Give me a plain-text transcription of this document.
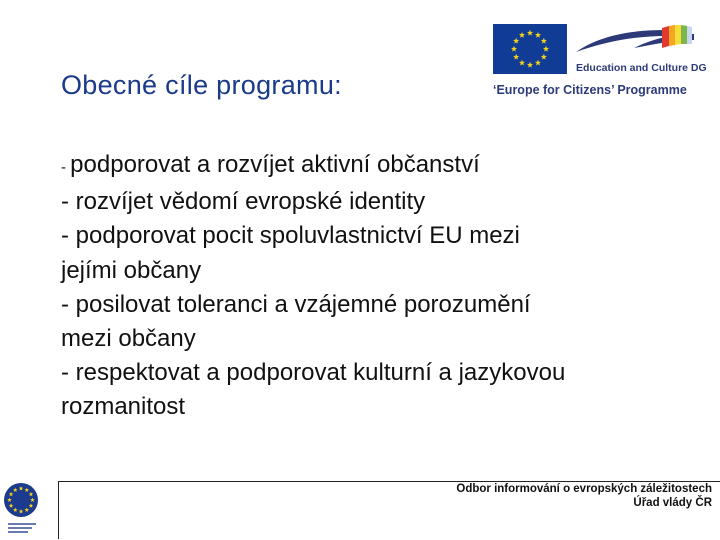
Obecné cíle programu:
Education and Culture DG
‘Europe for Citizens’ Programme
- podporovat a rozvíjet aktivní občanství
- rozvíjet vědomí evropské identity
- podporovat pocit spoluvlastnictví EU mezi
jejími občany
- posilovat toleranci a vzájemné porozumění
mezi občany
- respektovat a podporovat kulturní a jazykovou
rozmanitost
Odbor informování o evropských záležitostech
Úřad vlády ČR
